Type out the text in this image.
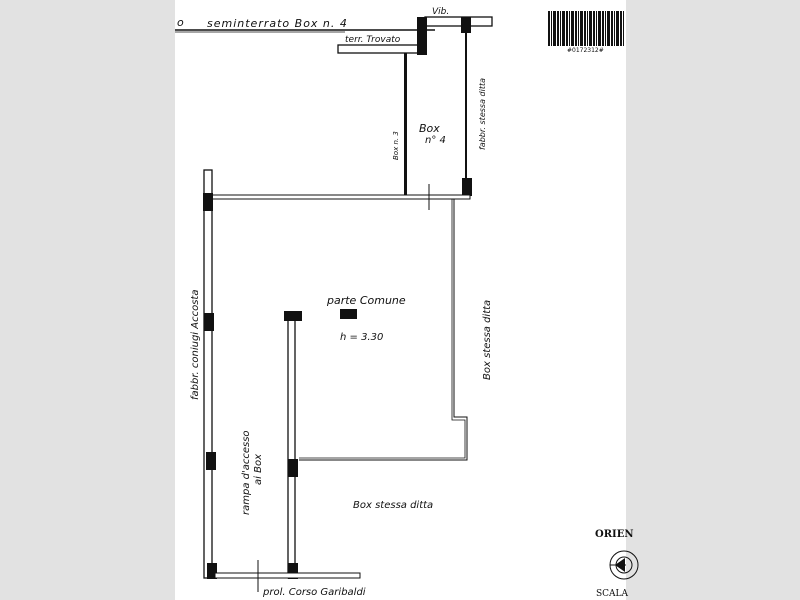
o seminterrato Box n. 4
Vib.
terr. Trovato
Box
n° 4
Box n. 3	fabbr. stessa ditta
parte Comune
h = 3.30	Box stessa ditta
Box stessa ditta
fabbr. coniugi Accosta
rampa d'accesso ai Box
prol. Corso Garibaldi
#0172312#
ORIEN
SCALA
